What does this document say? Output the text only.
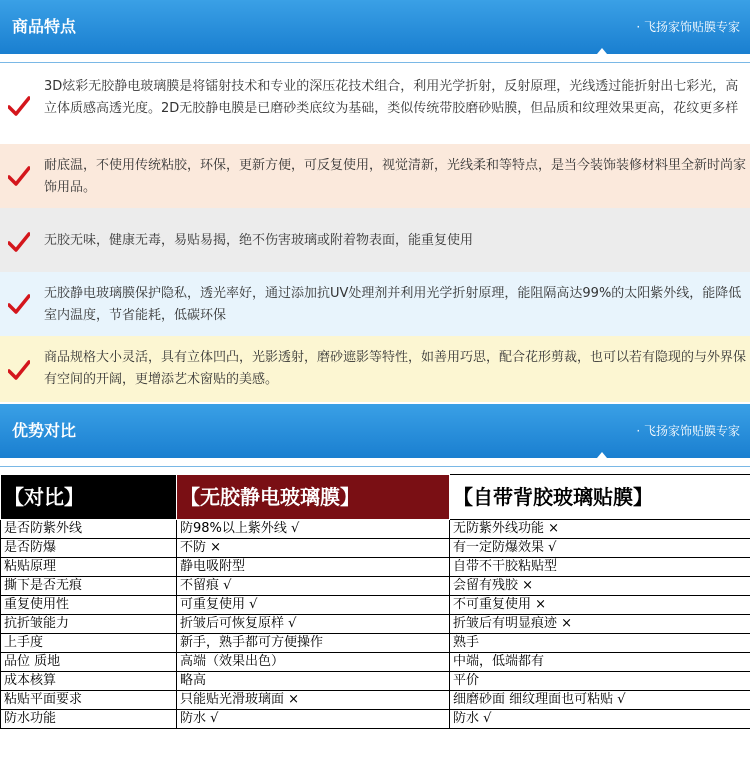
商品特点	· 飞扬家饰贴膜专家
3D炫彩无胶静电玻璃膜是将镭射技术和专业的深压花技术组合，利用光学折射，反射原理，光线透过能折射出七彩光，高立体质感高透光度。2D无胶静电膜是已磨砂类底纹为基础，类似传统带胶磨砂贴膜，但品质和纹理效果更高，花纹更多样
耐底温，不使用传统粘胶，环保，更新方便，可反复使用，视觉清新，光线柔和等特点，是当今装饰装修材料里全新时尚家饰用品。
无胶无味，健康无毒，易贴易揭，绝不伤害玻璃或附着物表面，能重复使用
无胶静电玻璃膜保护隐私，透光率好，通过添加抗UV处理剂并利用光学折射原理，能阻隔高达99%的太阳紫外线，能降低室内温度，节省能耗，低碳环保
商品规格大小灵活，具有立体凹凸，光影透射，磨砂遮影等特性，如善用巧思，配合花形剪裁，也可以若有隐现的与外界保有空间的开阔，更增添艺术窗贴的美感。
优势对比	· 飞扬家饰贴膜专家
【对比】	【无胶静电玻璃膜】	【自带背胶玻璃贴膜】
是否防紫外线	防98%以上紫外线 √	无防紫外线功能 ×
是否防爆	不防 ×	有一定防爆效果 √
粘贴原理	静电吸附型	自带不干胶粘贴型
撕下是否无痕	不留痕 √	会留有残胶 ×
重复使用性	可重复使用 √	不可重复使用 ×
抗折皱能力	折皱后可恢复原样 √	折皱后有明显痕迹 ×
上手度	新手，熟手都可方便操作	熟手
品位 质地	高端（效果出色）	中端，低端都有
成本核算	略高	平价
粘贴平面要求	只能贴光滑玻璃面 ×	细磨砂面 细纹理面也可粘贴 √
防水功能	防水 √	防水 √
